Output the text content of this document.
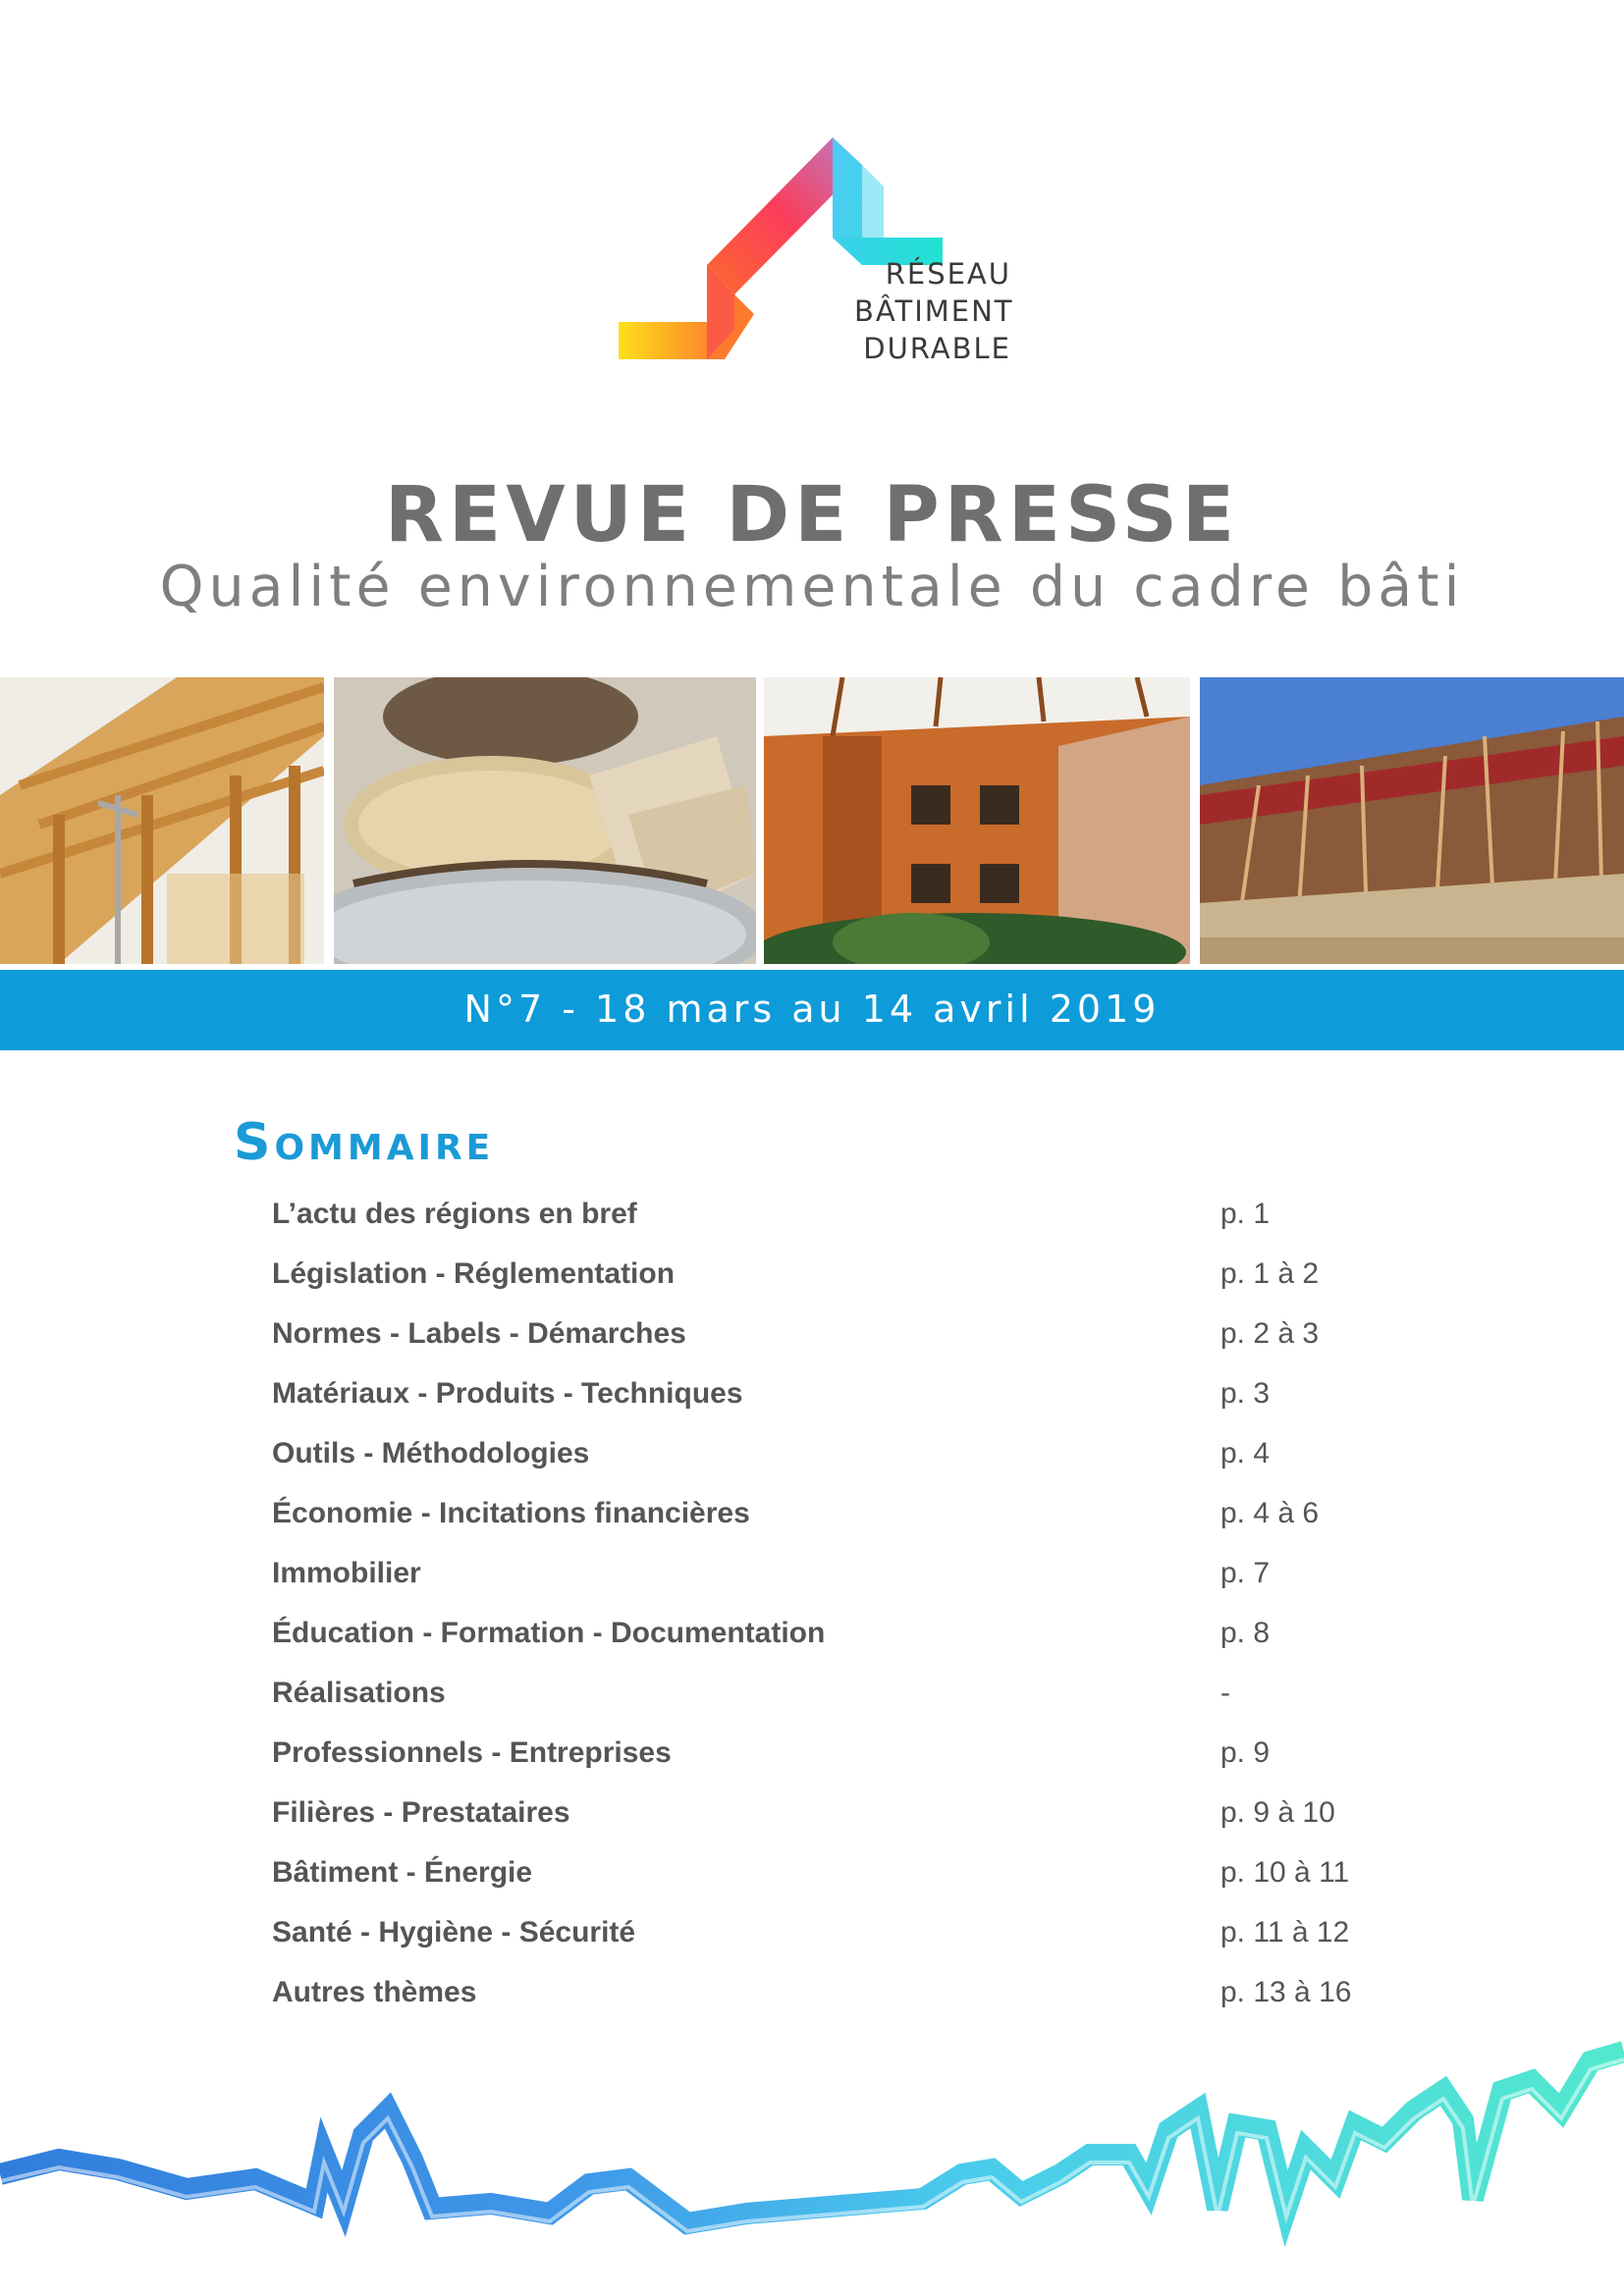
RÉSEAU
BÂTIMENT
DURABLE
REVUE DE PRESSE
Qualité environnementale du cadre bâti
N°7 - 18 mars au 14 avril 2019
Sommaire
L’actu des régions en bref	p. 1
Législation - Réglementation	p. 1 à 2
Normes - Labels - Démarches	p. 2 à 3
Matériaux - Produits - Techniques	p. 3
Outils - Méthodologies	p. 4
Économie - Incitations financières	p. 4 à 6
Immobilier	p. 7
Éducation - Formation - Documentation	p. 8
Réalisations	-
Professionnels - Entreprises	p. 9
Filières - Prestataires	p. 9 à 10
Bâtiment - Énergie	p. 10 à 11
Santé - Hygiène - Sécurité	p. 11 à 12
Autres thèmes	p. 13 à 16
